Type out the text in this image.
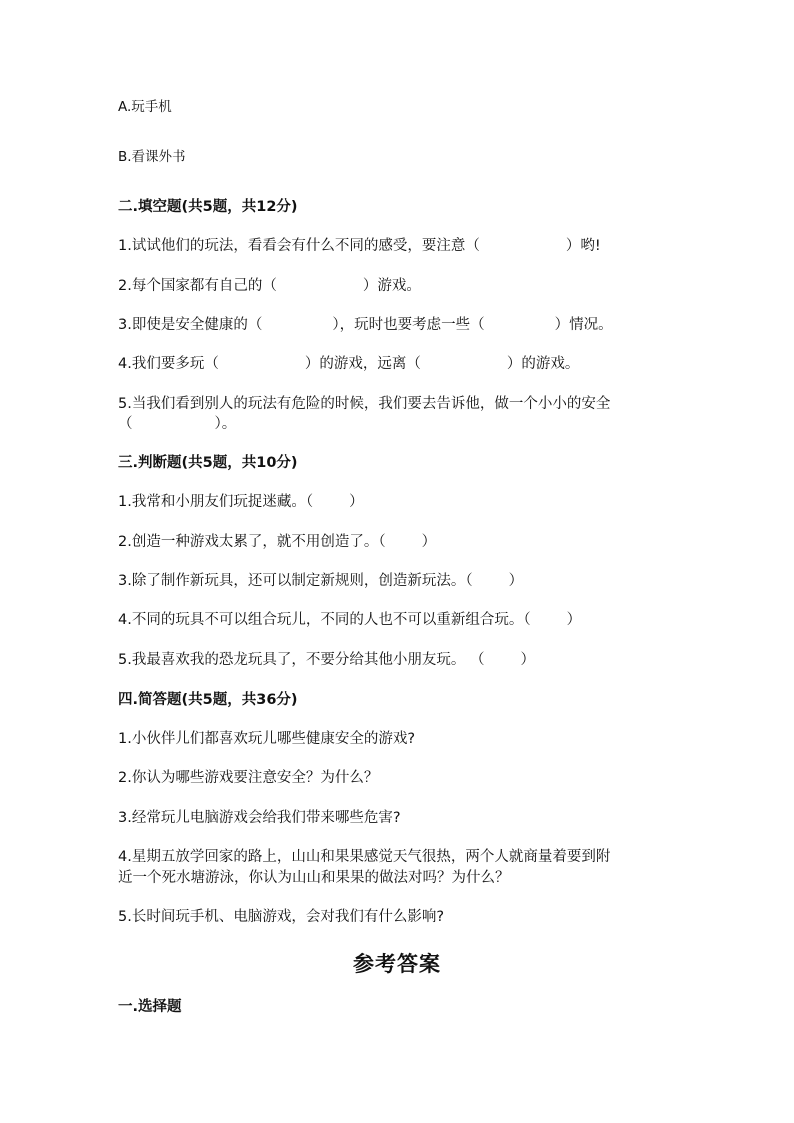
A.玩手机
B.看课外书
二.填空题(共5题，共12分)
1.试试他们的玩法，看看会有什么不同的感受，要注意（	）哟!
2.每个国家都有自己的（	）游戏。
3.即使是安全健康的（	），玩时也要考虑一些（	）情况。
4.我们要多玩（	）的游戏，远离（	）的游戏。
5.当我们看到别人的玩法有危险的时候，我们要去告诉他，做一个小小的安全
（	）。
三.判断题(共5题，共10分)
1.我常和小朋友们玩捉迷藏。（ ）
2.创造一种游戏太累了，就不用创造了。（ ）
3.除了制作新玩具，还可以制定新规则，创造新玩法。（ ）
4.不同的玩具不可以组合玩儿，不同的人也不可以重新组合玩。（ ）
5.我最喜欢我的恐龙玩具了，不要分给其他小朋友玩。 （ ）
四.简答题(共5题，共36分)
1.小伙伴儿们都喜欢玩儿哪些健康安全的游戏?
2.你认为哪些游戏要注意安全？为什么？
3.经常玩儿电脑游戏会给我们带来哪些危害?
4.星期五放学回家的路上，山山和果果感觉天气很热，两个人就商量着要到附
近一个死水塘游泳，你认为山山和果果的做法对吗？为什么？
5.长时间玩手机、电脑游戏，会对我们有什么影响?
参考答案
一.选择题
